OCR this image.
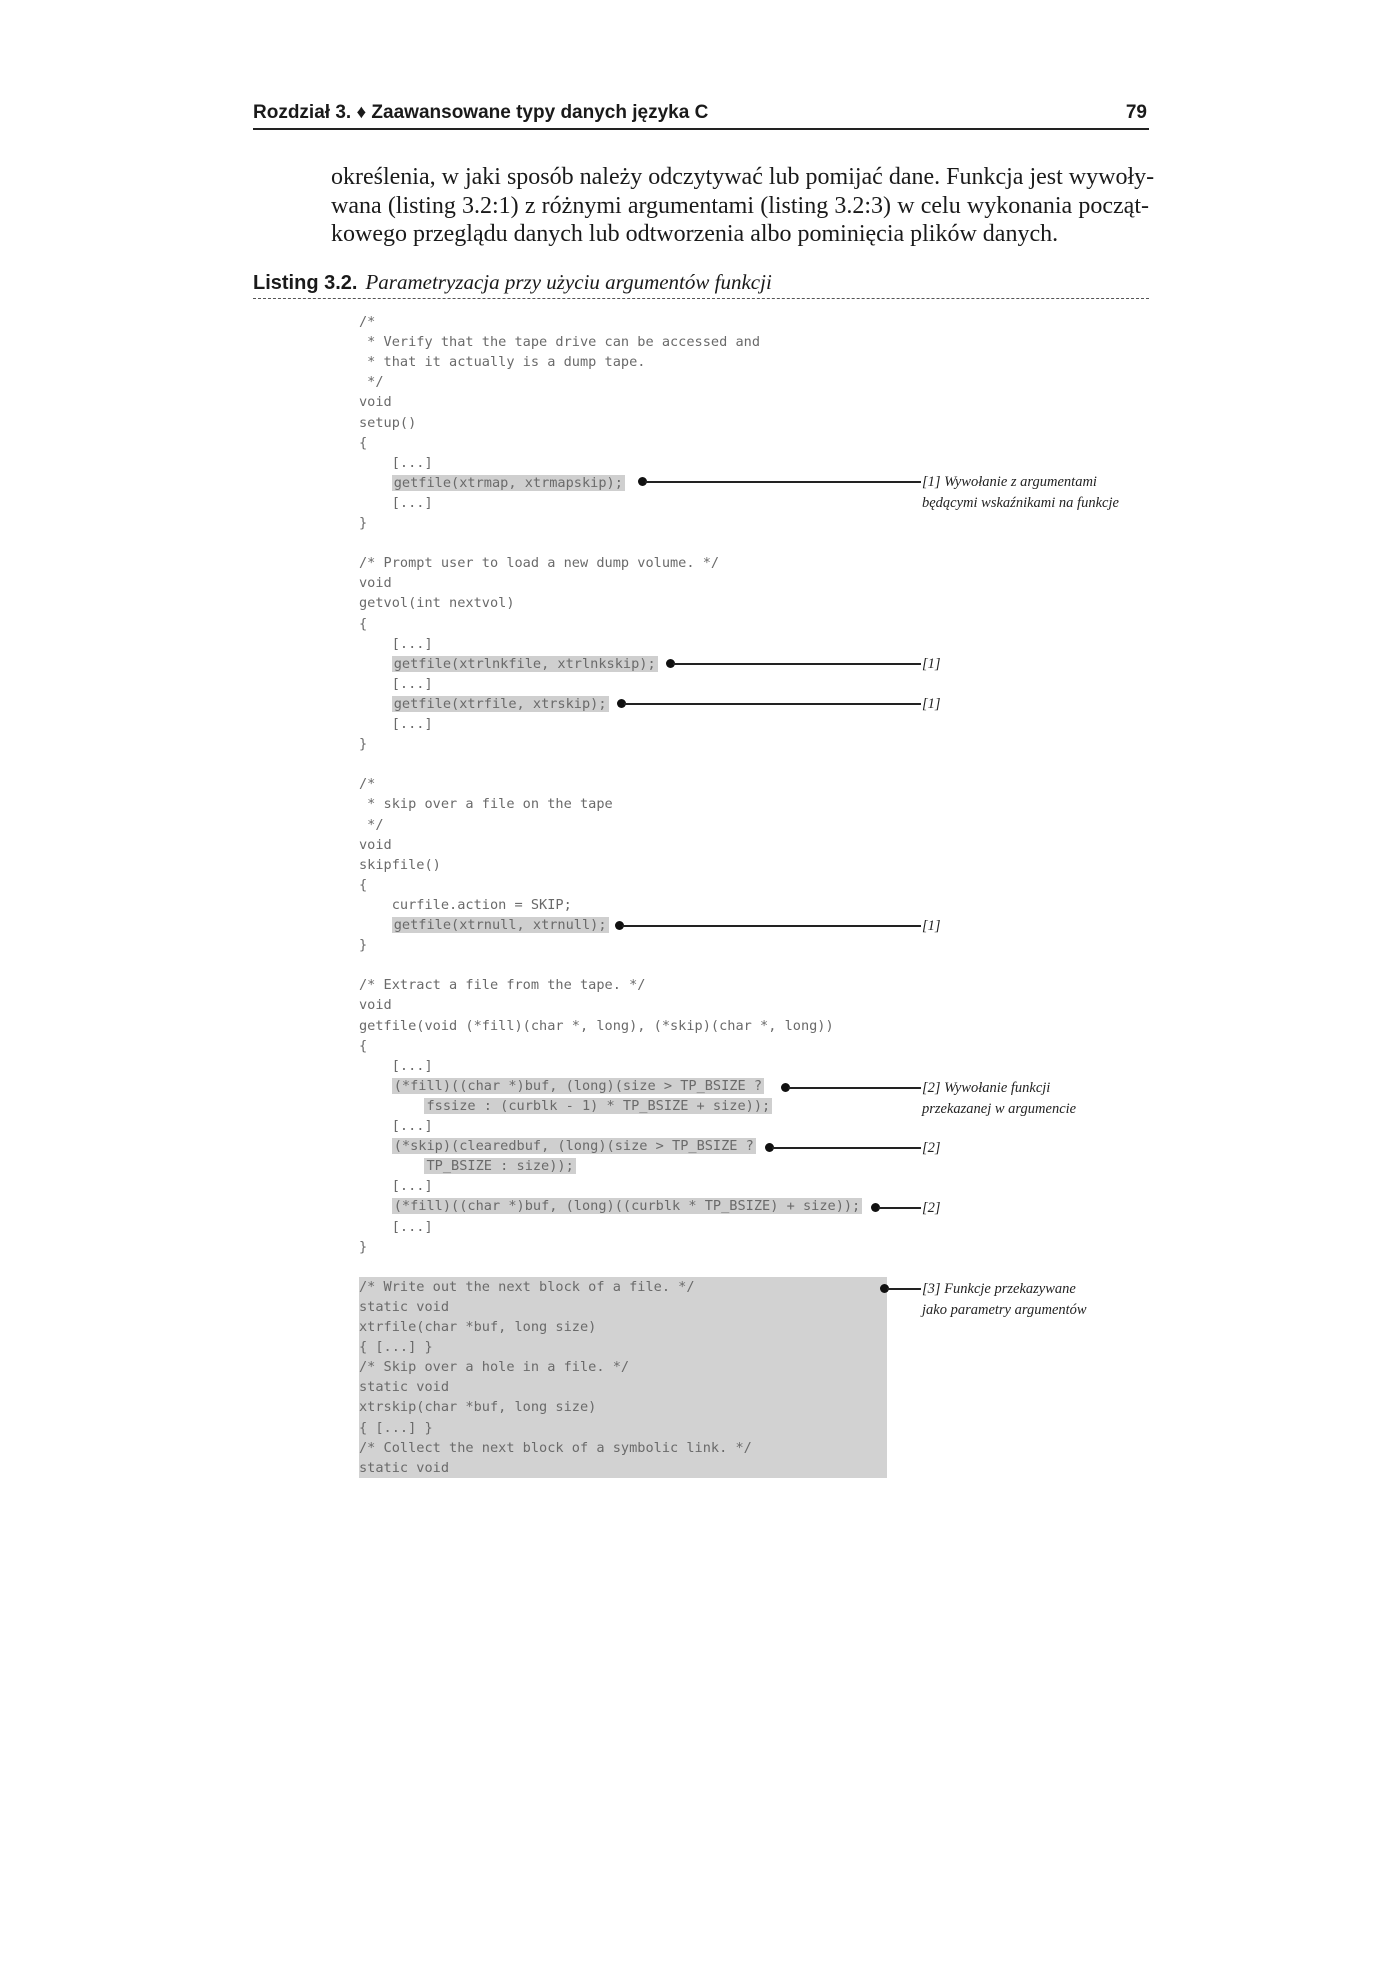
Rozdział 3. ♦ Zaawansowane typy danych języka C	79
określenia, w jaki sposób należy odczytywać lub pomijać dane. Funkcja jest wywoły-
wana (listing 3.2:1) z różnymi argumentami (listing 3.2:3) w celu wykonania począt-
kowego przeglądu danych lub odtworzenia albo pominięcia plików danych.
Listing 3.2. Parametryzacja przy użyciu argumentów funkcji
/*
* Verify that the tape drive can be accessed and
* that it actually is a dump tape.
*/
void
setup()
{
[...]
getfile(xtrmap, xtrmapskip);
[...]
}
/* Prompt user to load a new dump volume. */
void
getvol(int nextvol)
{
[...]
getfile(xtrlnkfile, xtrlnkskip);
[...]
getfile(xtrfile, xtrskip);
[...]
}
/*
* skip over a file on the tape
*/
void
skipfile()
{
curfile.action = SKIP;
getfile(xtrnull, xtrnull);
}
/* Extract a file from the tape. */
void
getfile(void (*fill)(char *, long), (*skip)(char *, long))
{
[...]
(*fill)((char *)buf, (long)(size > TP_BSIZE ?
fssize : (curblk - 1) * TP_BSIZE + size));
[...]
(*skip)(clearedbuf, (long)(size > TP_BSIZE ?
TP_BSIZE : size));
[...]
(*fill)((char *)buf, (long)((curblk * TP_BSIZE) + size));
[...]
}
/* Write out the next block of a file. */
static void
xtrfile(char *buf, long size)
{ [...] }
/* Skip over a hole in a file. */
static void
xtrskip(char *buf, long size)
{ [...] }
/* Collect the next block of a symbolic link. */
static void
[1] Wywołanie z argumentami
będącymi wskaźnikami na funkcje
[1]
[1]
[1]
[2] Wywołanie funkcji
przekazanej w argumencie
[2]
[2]
[3] Funkcje przekazywane
jako parametry argumentów
